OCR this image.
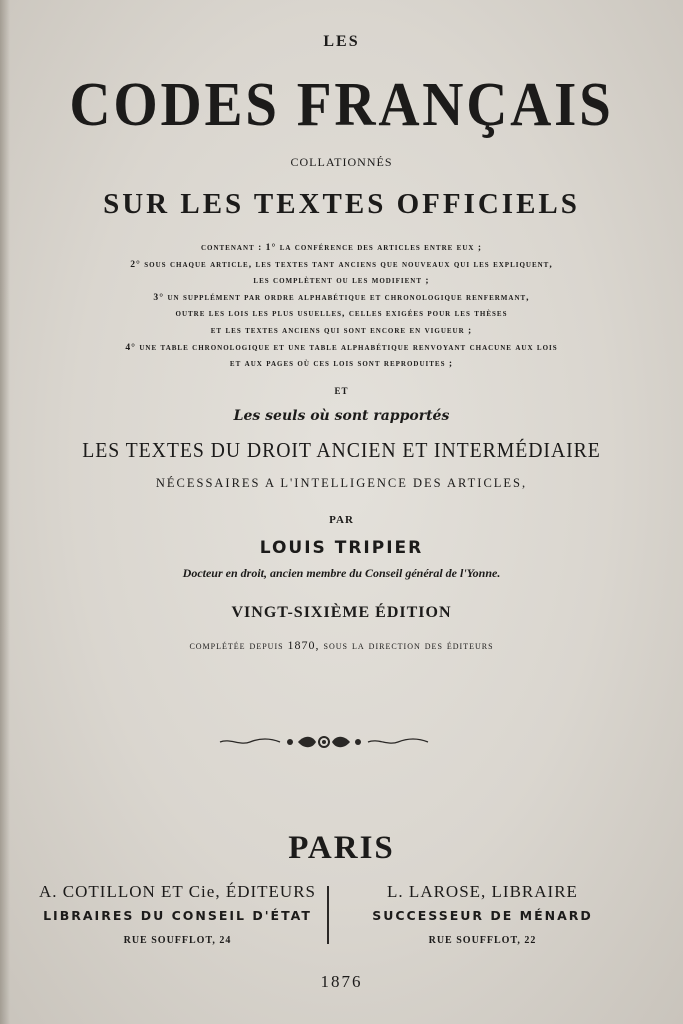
LES
CODES FRANÇAIS
COLLATIONNÉS
SUR LES TEXTES OFFICIELS
contenant : 1° la conférence des articles entre eux ;
2° sous chaque article, les textes tant anciens que nouveaux qui les expliquent,
les complètent ou les modifient ;
3° un supplément par ordre alphabétique et chronologique renfermant,
outre les lois les plus usuelles, celles exigées pour les thèses
et les textes anciens qui sont encore en vigueur ;
4° une table chronologique et une table alphabétique renvoyant chacune aux lois
et aux pages où ces lois sont reproduites ;
ET
Les seuls où sont rapportés
LES TEXTES DU DROIT ANCIEN ET INTERMÉDIAIRE
NÉCESSAIRES A L'INTELLIGENCE DES ARTICLES,
PAR
LOUIS TRIPIER
Docteur en droit, ancien membre du Conseil général de l'Yonne.
VINGT-SIXIÈME ÉDITION
complétée depuis 1870, sous la direction des éditeurs
PARIS
A. COTILLON ET Cie, ÉDITEURS
LIBRAIRES DU CONSEIL D'ÉTAT
RUE SOUFFLOT, 24
L. LAROSE, LIBRAIRE
SUCCESSEUR DE MÉNARD
RUE SOUFFLOT, 22
1876
